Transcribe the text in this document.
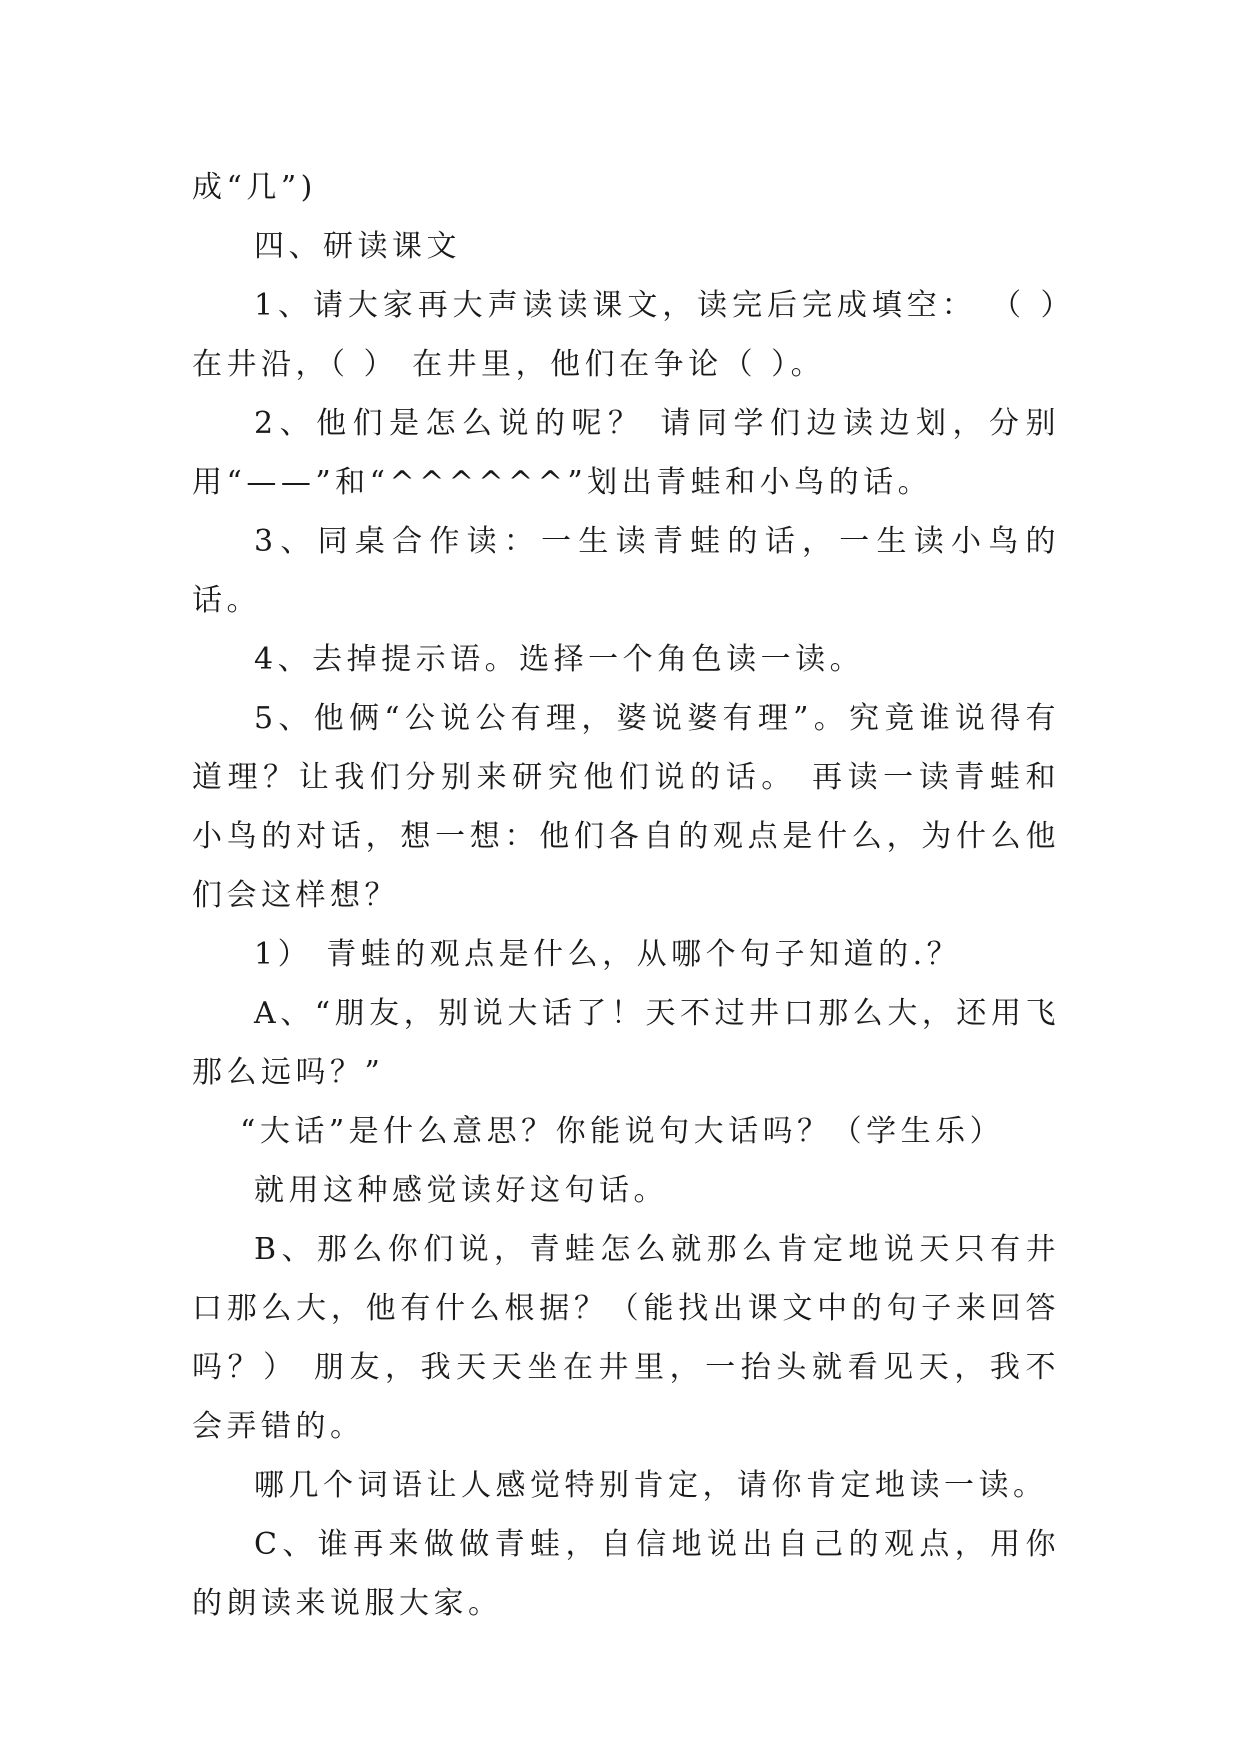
成“几”)

四、研读课文

1、请大家再大声读读课文，读完后完成填空： （ ）在井沿，（ ） 在井里，他们在争论（ ）。

2、他们是怎么说的呢？ 请同学们边读边划，分别用“——”和“^^^^^^”划出青蛙和小鸟的话。

3、同桌合作读：一生读青蛙的话，一生读小鸟的话。

4、去掉提示语。选择一个角色读一读。

5、他俩“公说公有理，婆说婆有理”。究竟谁说得有道理？让我们分别来研究他们说的话。 再读一读青蛙和小鸟的对话，想一想：他们各自的观点是什么，为什么他们会这样想？

1） 青蛙的观点是什么，从哪个句子知道的.？

A、“朋友，别说大话了！天不过井口那么大，还用飞那么远吗？”

“大话”是什么意思？你能说句大话吗？（学生乐）

就用这种感觉读好这句话。

B、那么你们说，青蛙怎么就那么肯定地说天只有井口那么大，他有什么根据？（能找出课文中的句子来回答吗？） 朋友，我天天坐在井里，一抬头就看见天，我不会弄错的。

哪几个词语让人感觉特别肯定，请你肯定地读一读。

C、谁再来做做青蛙，自信地说出自己的观点，用你的朗读来说服大家。
